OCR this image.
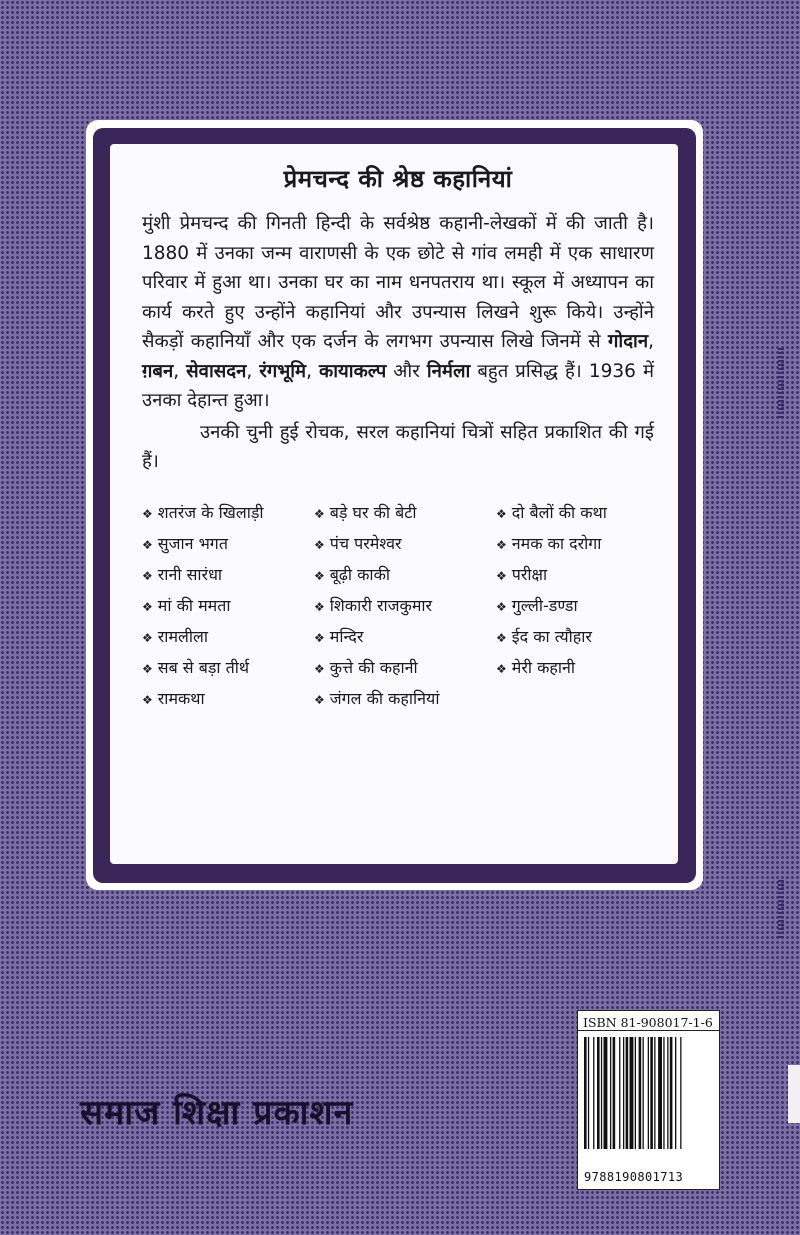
प्रेमचन्द की श्रेष्ठ कहानियां

मुंशी प्रेमचन्द की गिनती हिन्दी के सर्वश्रेष्ठ कहानी-लेखकों में की जाती है। 1880 में उनका जन्म वाराणसी के एक छोटे से गांव लमही में एक साधारण परिवार में हुआ था। उनका घर का नाम धनपतराय था। स्कूल में अध्यापन का कार्य करते हुए उन्होंने कहानियां और उपन्यास लिखने शुरू किये। उन्होंने सैकड़ों कहानियाँ और एक दर्जन के लगभग उपन्यास लिखे जिनमें से गोदान, ग़बन, सेवासदन, रंगभूमि, कायाकल्प और निर्मला बहुत प्रसिद्ध हैं। 1936 में उनका देहान्त हुआ।

उनकी चुनी हुई रोचक, सरल कहानियां चित्रों सहित प्रकाशित की गई हैं।

❖ शतरंज के खिलाड़ी	❖ बड़े घर की बेटी	❖ दो बैलों की कथा
❖ सुजान भगत	❖ पंच परमेश्वर	❖ नमक का दरोगा
❖ रानी सारंधा	❖ बूढ़ी काकी	❖ परीक्षा
❖ मां की ममता	❖ शिकारी राजकुमार	❖ गुल्ली-डण्डा
❖ रामलीला	❖ मन्दिर	❖ ईद का त्यौहार
❖ सब से बड़ा तीर्थ	❖ कुत्ते की कहानी	❖ मेरी कहानी
❖ रामकथा	❖ जंगल की कहानियां
समाज शिक्षा प्रकाशन
ISBN 81-908017-1-6
9788190801713
